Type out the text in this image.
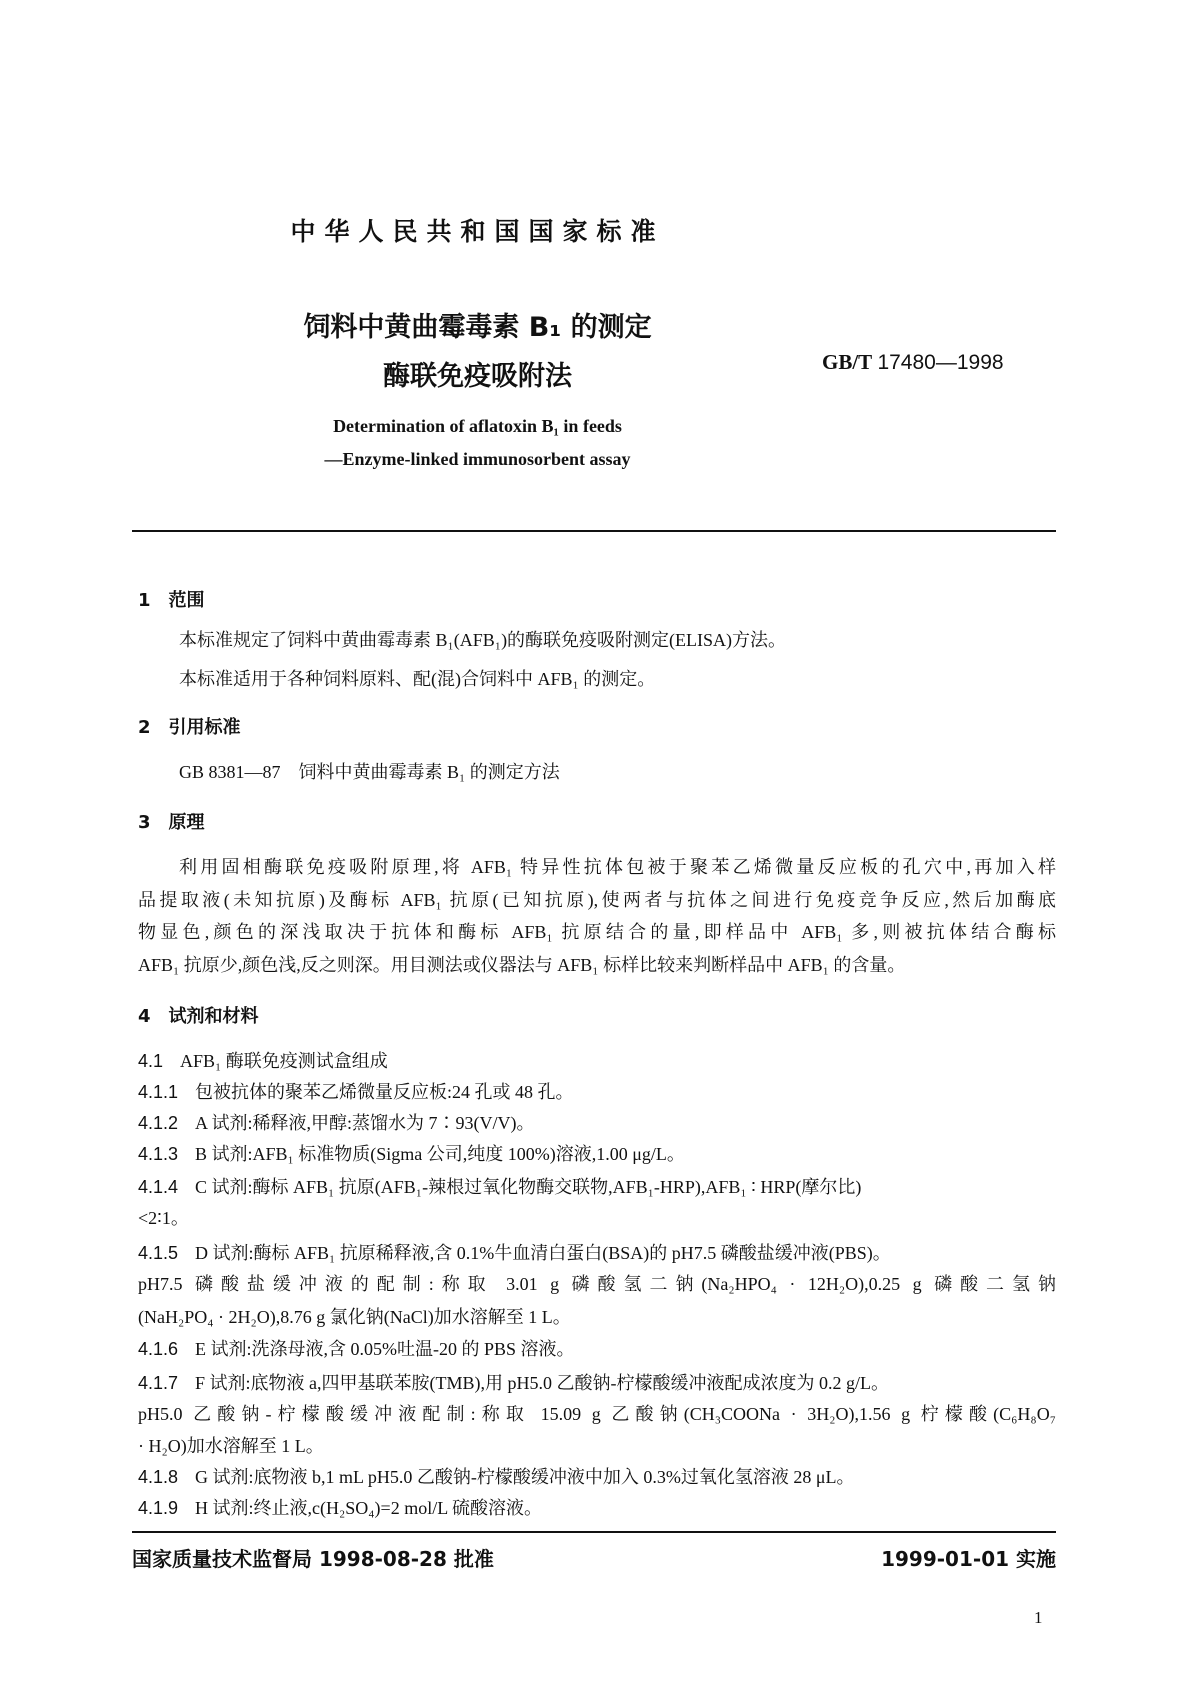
中华人民共和国国家标准
饲料中黄曲霉毒素 B₁ 的测定
酶联免疫吸附法	GB/T 17480—1998
Determination of aflatoxin B₁ in feeds
—Enzyme-linked immunosorbent assay
1 范围
本标准规定了饲料中黄曲霉毒素 B₁(AFB₁)的酶联免疫吸附测定(ELISA)方法。
本标准适用于各种饲料原料、配(混)合饲料中 AFB₁ 的测定。
2 引用标准
GB 8381—87　饲料中黄曲霉毒素 B₁ 的测定方法
3 原理
利用固相酶联免疫吸附原理,将 AFB₁ 特异性抗体包被于聚苯乙烯微量反应板的孔穴中,再加入样
品提取液(未知抗原)及酶标 AFB₁ 抗原(已知抗原),使两者与抗体之间进行免疫竞争反应,然后加酶底
物显色,颜色的深浅取决于抗体和酶标 AFB₁ 抗原结合的量,即样品中 AFB₁ 多,则被抗体结合酶标
AFB₁ 抗原少,颜色浅,反之则深。用目测法或仪器法与 AFB₁ 标样比较来判断样品中 AFB₁ 的含量。
4 试剂和材料
4.1 AFB₁ 酶联免疫测试盒组成
4.1.1 包被抗体的聚苯乙烯微量反应板:24 孔或 48 孔。
4.1.2 A 试剂:稀释液,甲醇:蒸馏水为 7∶93(V/V)。
4.1.3 B 试剂:AFB₁ 标准物质(Sigma 公司,纯度 100%)溶液,1.00 μg/L。
4.1.4 C 试剂:酶标 AFB₁ 抗原(AFB₁-辣根过氧化物酶交联物,AFB₁-HRP),AFB₁ ∶ HRP(摩尔比)
<2∶1。
4.1.5 D 试剂:酶标 AFB₁ 抗原稀释液,含 0.1%牛血清白蛋白(BSA)的 pH7.5 磷酸盐缓冲液(PBS)。
pH7.5 磷酸盐缓冲液的配制:称取 3.01 g 磷酸氢二钠(Na₂HPO₄ · 12H₂O),0.25 g 磷酸二氢钠
(NaH₂PO₄ · 2H₂O),8.76 g 氯化钠(NaCl)加水溶解至 1 L。
4.1.6 E 试剂:洗涤母液,含 0.05%吐温-20 的 PBS 溶液。
4.1.7 F 试剂:底物液 a,四甲基联苯胺(TMB),用 pH5.0 乙酸钠-柠檬酸缓冲液配成浓度为 0.2 g/L。
pH5.0 乙酸钠-柠檬酸缓冲液配制:称取 15.09 g 乙酸钠(CH₃COONa · 3H₂O),1.56 g 柠檬酸(C₆H₈O₇
· H₂O)加水溶解至 1 L。
4.1.8 G 试剂:底物液 b,1 mL pH5.0 乙酸钠-柠檬酸缓冲液中加入 0.3%过氧化氢溶液 28 μL。
4.1.9 H 试剂:终止液,c(H₂SO₄)=2 mol/L 硫酸溶液。
国家质量技术监督局 1998-08-28 批准	1999-01-01 实施
1
